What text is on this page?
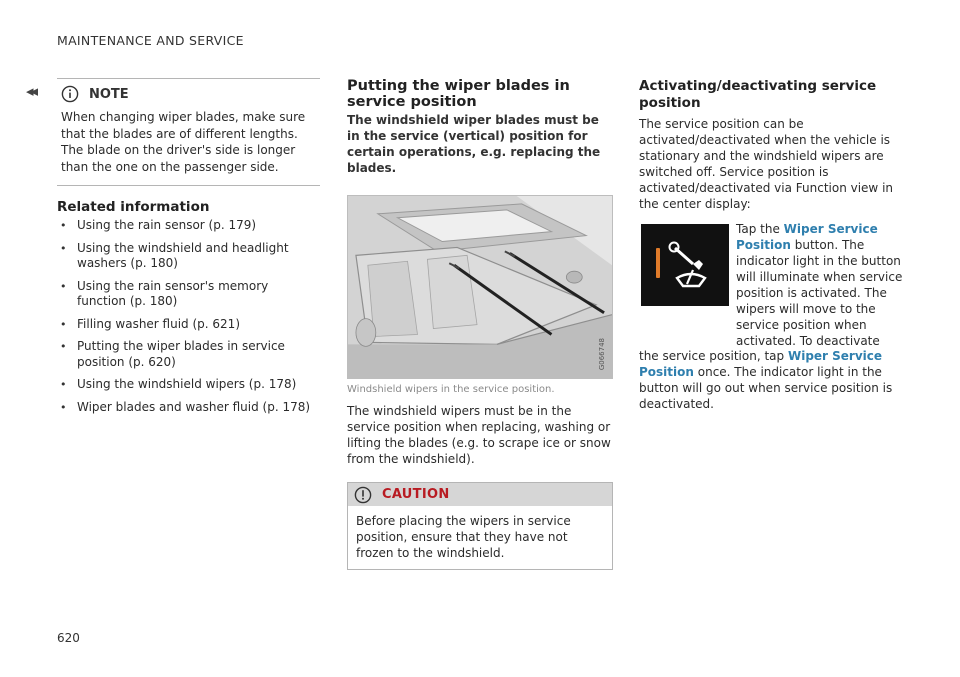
MAINTENANCE AND SERVICE
◂◂	NOTE
When changing wiper blades, make sure that the blades are of different lengths. The blade on the driver's side is longer than the one on the passenger side.
Related information
• Using the rain sensor (p. 179)
• Using the windshield and headlight washers (p. 180)
• Using the rain sensor's memory function (p. 180)
• Filling washer fluid (p. 621)
• Putting the wiper blades in service position (p. 620)
• Using the windshield wipers (p. 178)
• Wiper blades and washer fluid (p. 178)
Putting the wiper blades in service position
The windshield wiper blades must be in the service (vertical) position for certain operations, e.g. replacing the blades.
G066748
Windshield wipers in the service position.
The windshield wipers must be in the service position when replacing, washing or lifting the blades (e.g. to scrape ice or snow from the windshield).
CAUTION
Before placing the wipers in service position, ensure that they have not frozen to the windshield.
Activating/deactivating service position
The service position can be activated/deactivated when the vehicle is stationary and the windshield wipers are switched off. Service position is activated/deactivated via Function view in the center display:
Tap the Wiper Service Position button. The indicator light in the button will illuminate when service position is activated. The wipers will move to the service position when activated. To deactivate
the service position, tap Wiper Service Position once. The indicator light in the button will go out when service position is deactivated.
620
